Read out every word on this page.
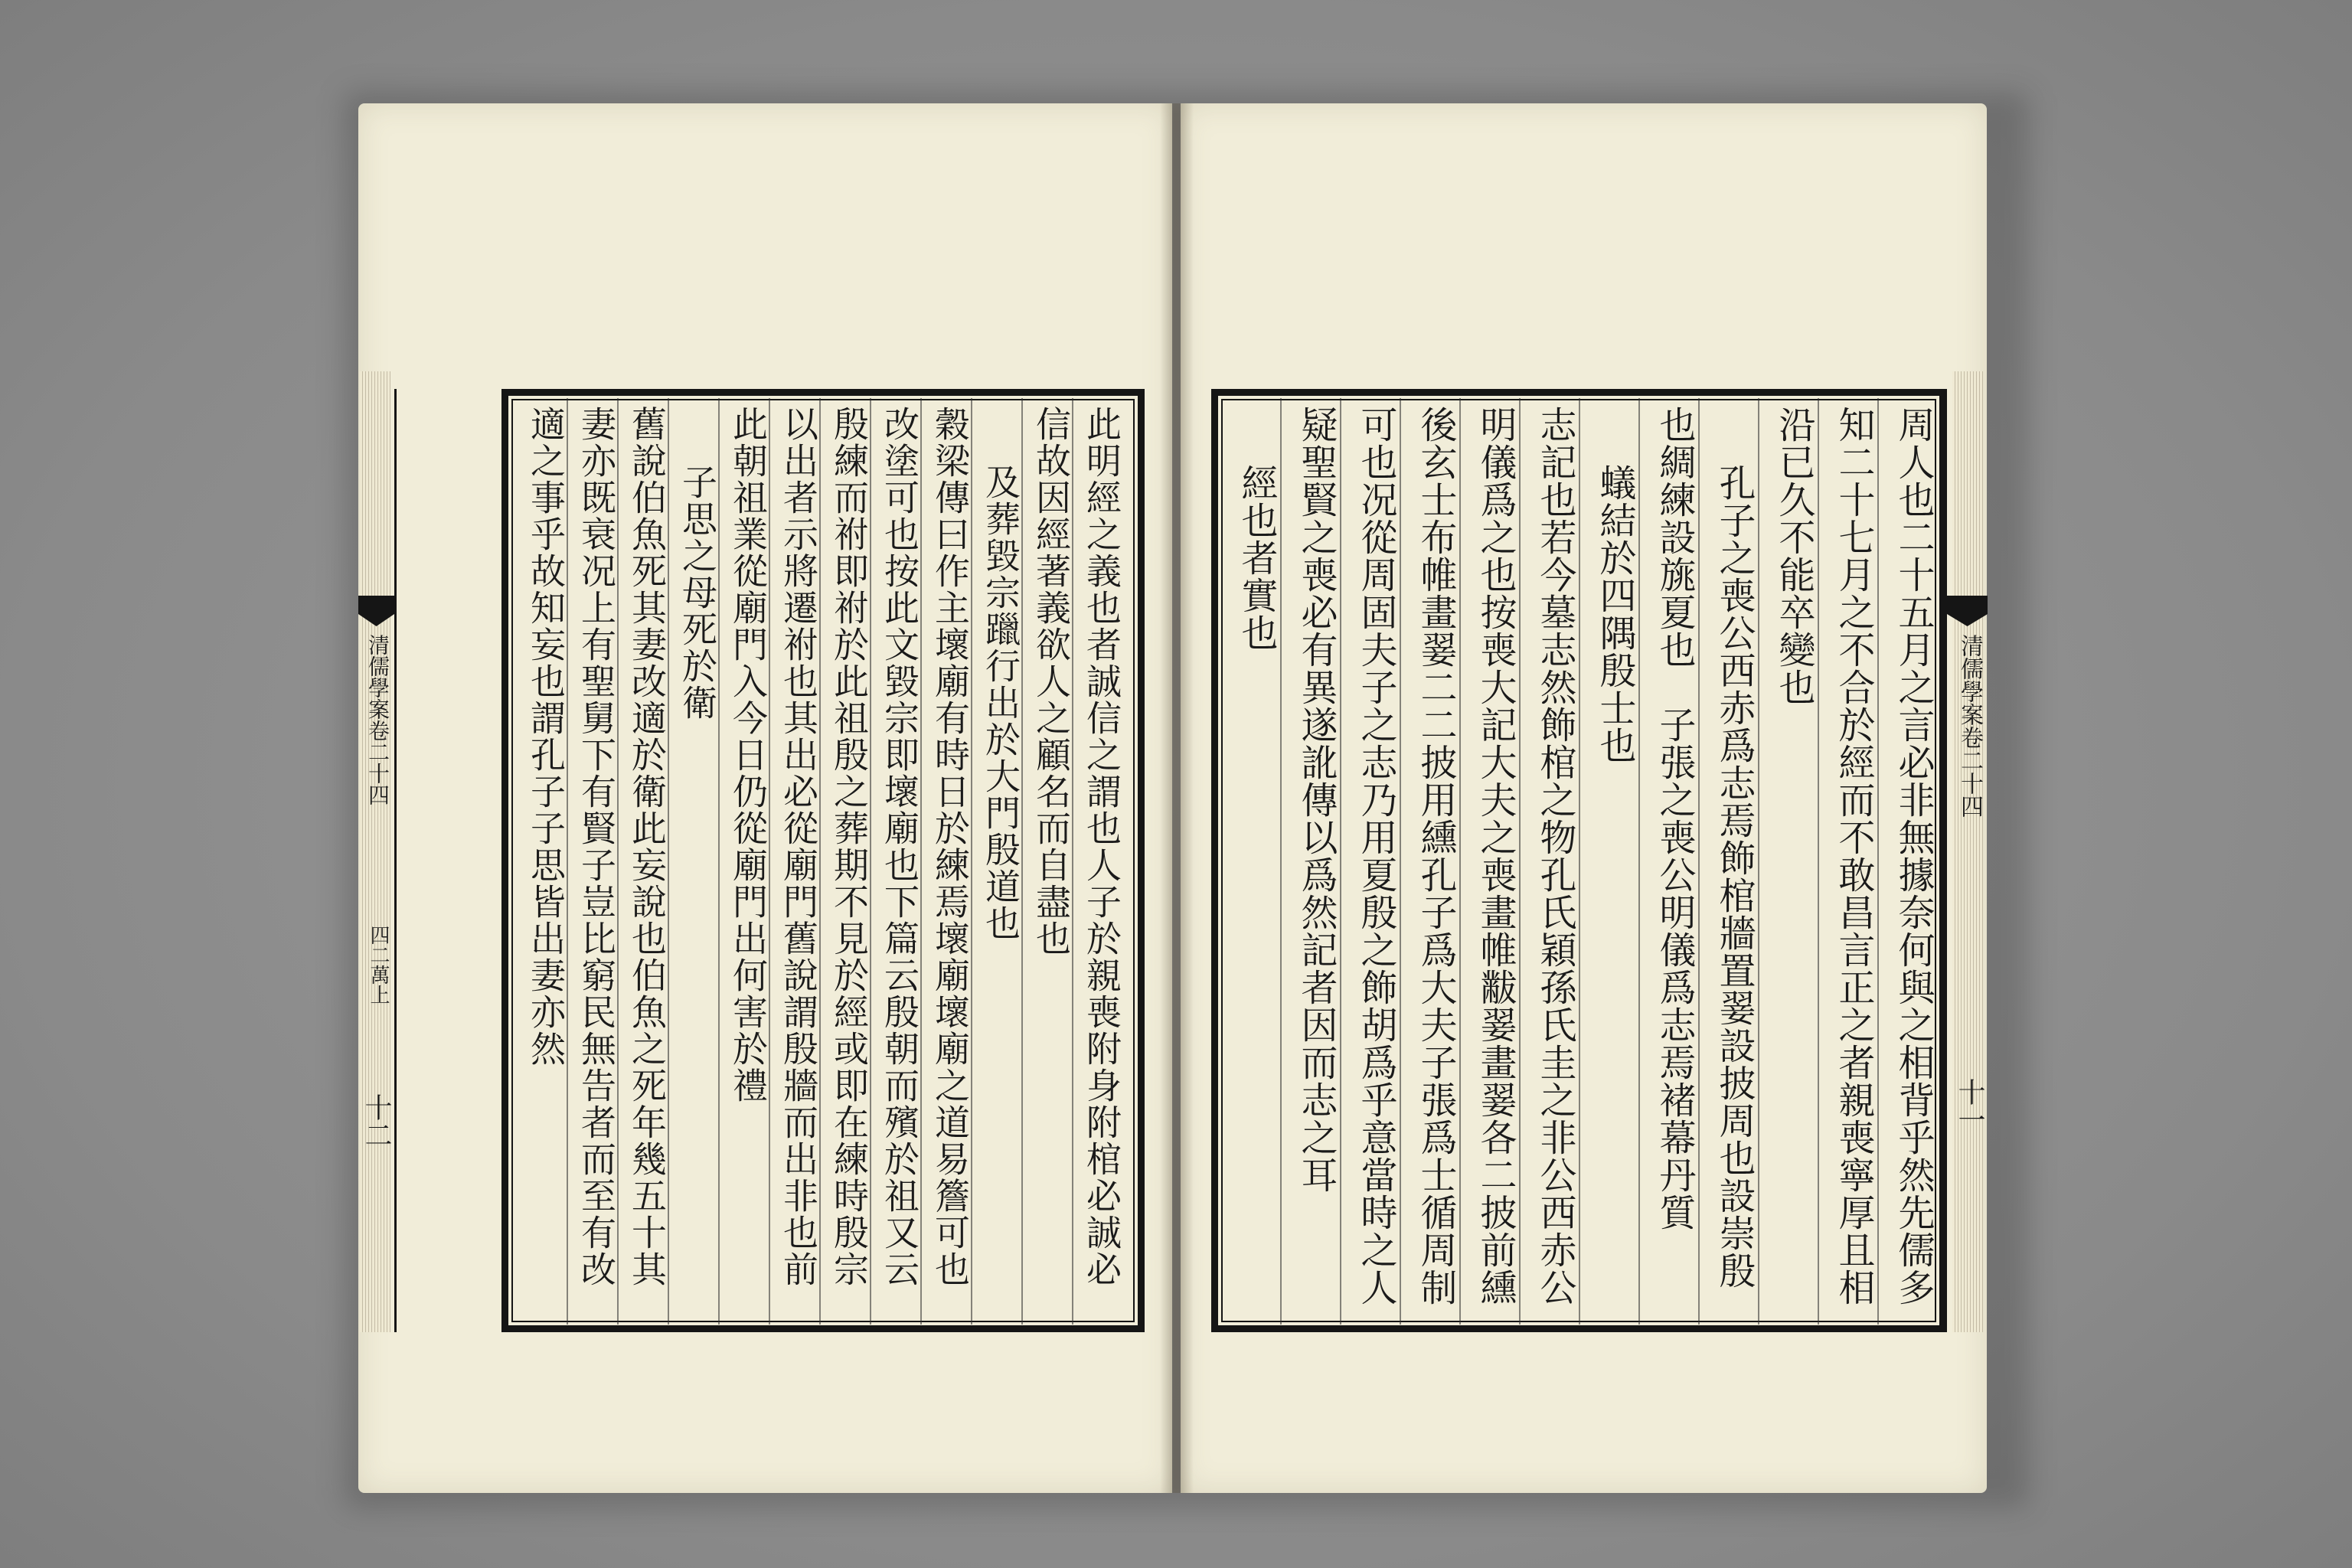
清儒學案卷二十四
十一
清儒學案卷二十四
四二萬上
十二	周人也二十五月之言必非無據奈何與之相背乎然先儒多
知二十七月之不合於經而不敢昌言正之者親喪寧厚且相
沿已久不能卒變也
孔子之喪公西赤爲志焉飾棺牆置翣設披周也設崇殷
也綢練設旐夏也　子張之喪公明儀爲志焉褚幕丹質
蟻結於四隅殷士也
志記也若今墓志然飾棺之物孔氏穎孫氏圭之非公西赤公
明儀爲之也按喪大記大夫之喪畫帷黻翣畫翣各二披前纁
後玄士布帷畫翣二二披用纁孔子爲大夫子張爲士循周制
可也况從周固夫子之志乃用夏殷之飾胡爲乎意當時之人
疑聖賢之喪必有異遂訛傳以爲然記者因而志之耳
經也者實也
此明經之義也者誠信之謂也人子於親喪附身附棺必誠必
信故因經著義欲人之顧名而自盡也
及葬毀宗躐行出於大門殷道也
穀梁傳曰作主壞廟有時日於練焉壞廟壞廟之道易簷可也
改塗可也按此文毀宗即壞廟也下篇云殷朝而殯於祖又云
殷練而祔即祔於此祖殷之葬期不見於經或即在練時殷宗
以出者示將遷祔也其出必從廟門舊說謂殷牆而出非也前
此朝祖業從廟門入今日仍從廟門出何害於禮
子思之母死於衛
舊說伯魚死其妻改適於衛此妄說也伯魚之死年幾五十其
妻亦既衰况上有聖舅下有賢子豈比窮民無告者而至有改
適之事乎故知妄也謂孔子子思皆出妻亦然
